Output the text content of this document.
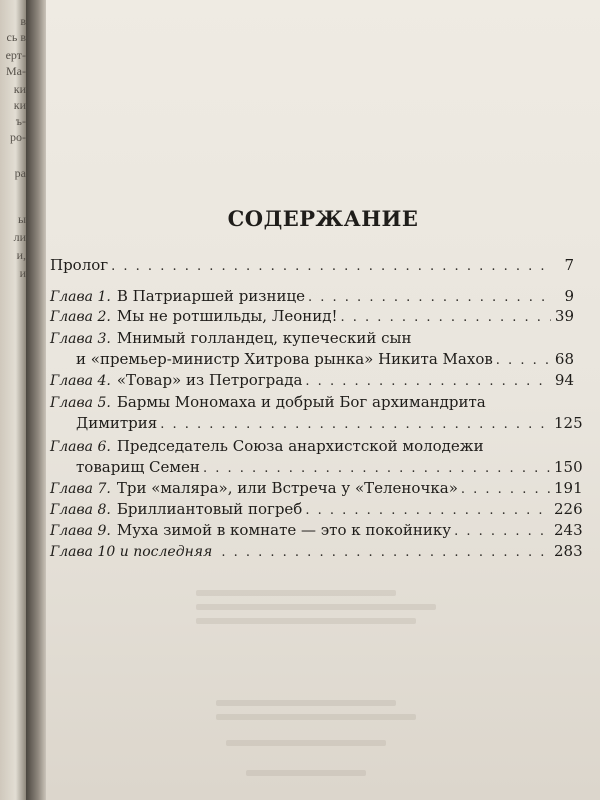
в
сь в
ерт-
Ма-
ки
ки
ъ-
ро-
ра
ы
ли
и,
и
СОДЕРЖАНИЕ
Пролог . . .	7
Глава 1. В Патриаршей ризнице . . .	9
Глава 2. Мы не ротшильды, Леонид! . . .	39
Глава 3. Мнимый голландец, купеческий сын
и «премьер-министр Хитрова рынка» Никита Махов . . .	68
Глава 4. «Товар» из Петрограда . . .	94
Глава 5. Бармы Мономаха и добрый Бог архимандрита
Димитрия . . .	125
Глава 6. Председатель Союза анархистской молодежи
товарищ Семен . . .	150
Глава 7. Три «маляра», или Встреча у «Теленочка» . . .	191
Глава 8. Бриллиантовый погреб . . .	226
Глава 9. Муха зимой в комнате — это к покойнику . . .	243
Глава 10 и последняя . . .	283
